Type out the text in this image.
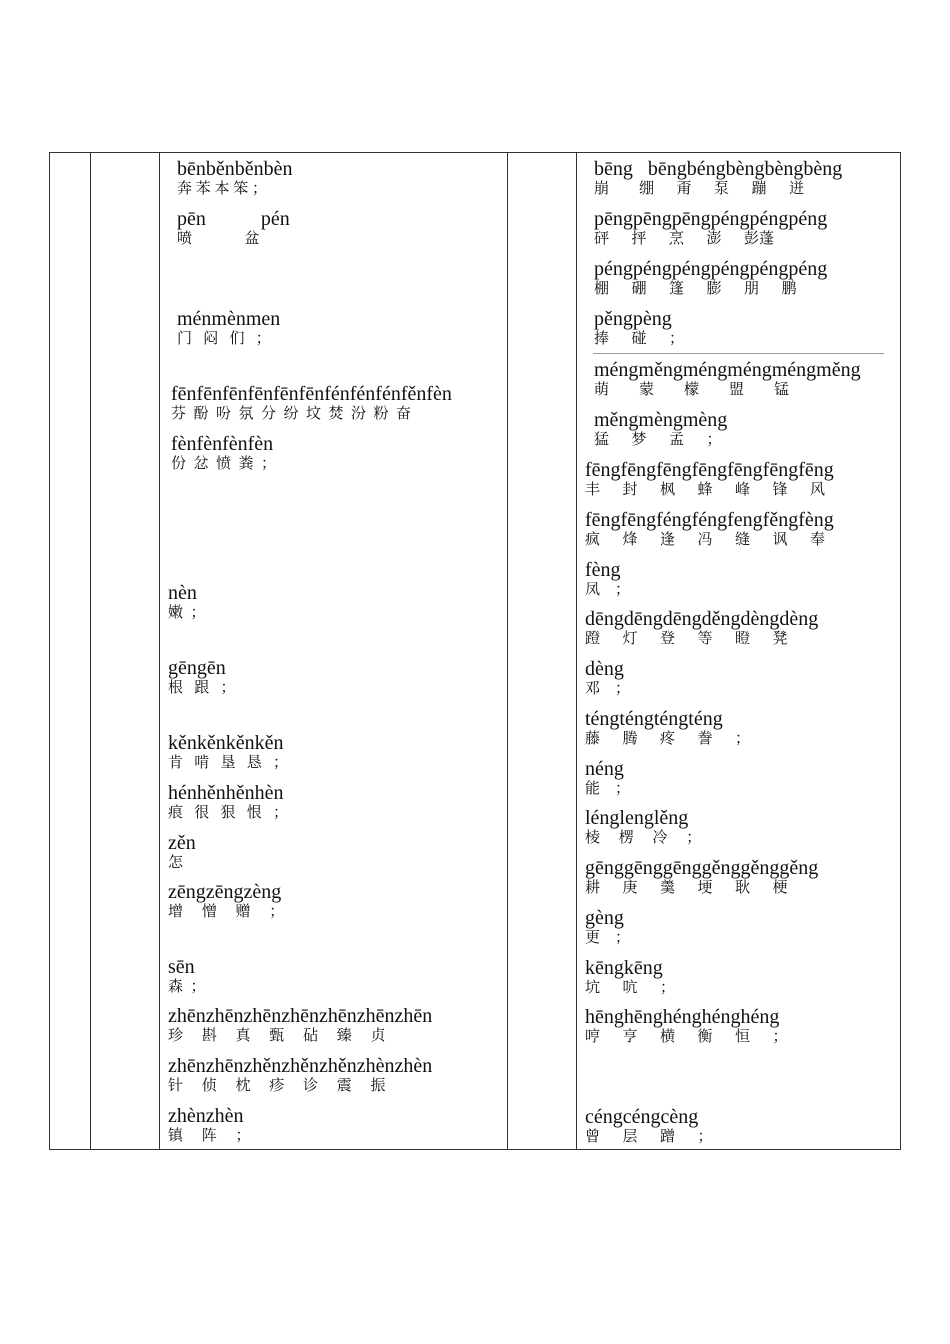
bēnběnběnbèn
奔 苯 本 笨 ；
pēn           pén
喷              盆
ménmènmen
门   闷   们   ；
fēnfēnfēnfēnfēnfēnfénfénfénfěnfèn
芬  酚  吩  氛  分  纷  坟  焚  汾  粉  奋
fènfènfènfèn
份  忿  愤  粪  ；
nèn
嫩  ；
gēngēn
根   跟   ；
kěnkěnkěnkěn
肯   啃   垦   恳   ；
hénhěnhěnhèn
痕   很   狠   恨   ；
zěn
怎
zēngzēngzèng
增     憎     赠     ；
sēn
森  ；
zhēnzhēnzhēnzhēnzhēnzhēnzhēn
珍     斟     真     甄     砧     臻     贞
zhēnzhēnzhěnzhěnzhěnzhènzhèn
针     侦     枕     疹     诊     震     振
zhènzhèn
镇     阵     ；
bēng   bēngbéngbèngbèngbèng
崩        绷      甭      泵      蹦      迸
pēngpēngpēngpéngpéngpéng
砰      抨      烹      澎      彭蓬
péngpéngpéngpéngpéngpéng
棚      硼      篷      膨      朋      鹏
pěngpèng
捧      碰      ；
méngměngméngméngméngměng
萌        蒙        檬        盟        锰
měngmèngmèng
猛      梦      孟      ；
fēngfēngfēngfēngfēngfēngfēng
丰      封      枫      蜂      峰      锋      风
fēngfēngféngféngfengfěngfèng
疯      烽      逢      冯      缝      讽      奉
fèng
凤    ；
dēngdēngdēngděngdèngdèng
蹬      灯      登      等      瞪      凳
dèng
邓    ；
téngténgténgténg
藤      腾      疼      誊      ；
néng
能    ；
lénglenglěng
棱     楞     冷     ；
gēnggēnggēnggěnggěnggěng
耕      庚      羹      埂      耿      梗
gèng
更    ；
kēngkēng
坑      吭      ；
hēnghēnghénghénghéng
哼      亨      横      衡      恒      ；
céngcéngcèng
曾      层      蹭      ；
